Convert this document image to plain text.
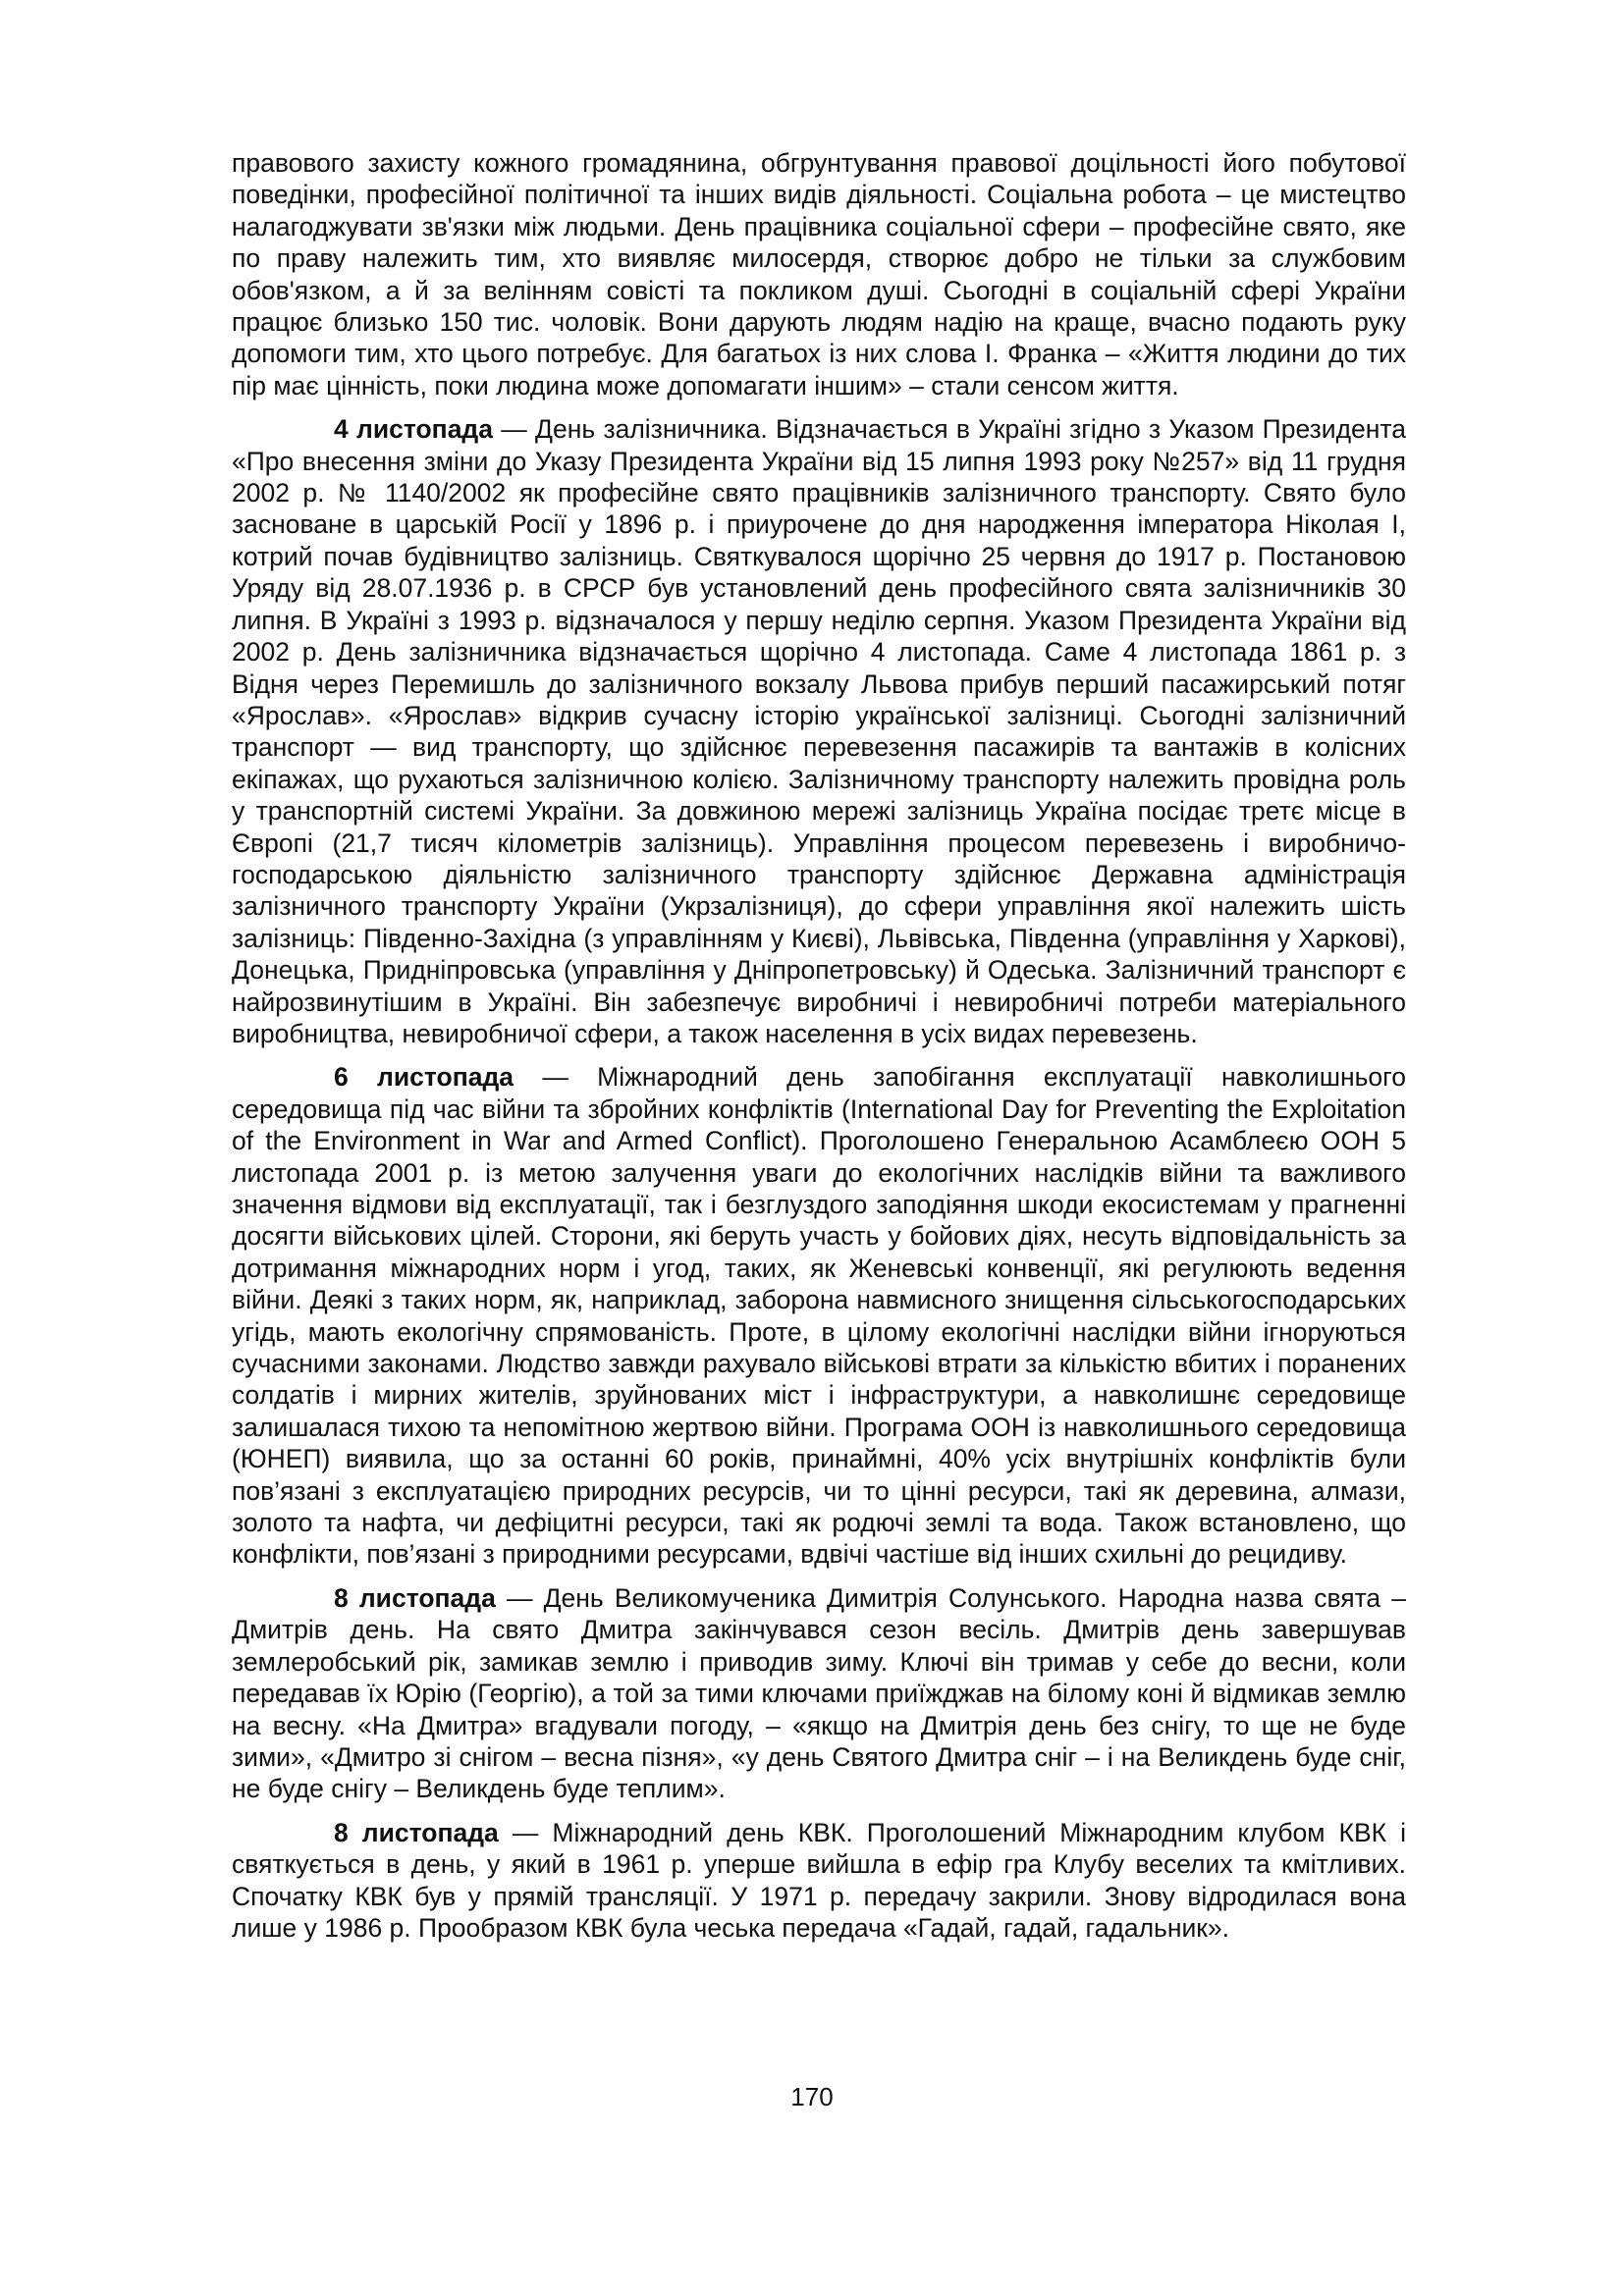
правового захисту кожного громадянина, обгрунтування правової доцільності його побутової поведінки, професійної політичної та інших видів діяльності. Соціальна робота – це мистецтво налагоджувати зв'язки між людьми. День працівника соціальної сфери – професійне свято, яке по праву належить тим, хто виявляє милосердя, створює добро не тільки за службовим обов'язком, а й за велінням совісті та покликом душі. Сьогодні в соціальній сфері України працює близько 150 тис. чоловік. Вони дарують людям надію на краще, вчасно подають руку допомоги тим, хто цього потребує. Для багатьох із них слова І. Франка – «Життя людини до тих пір має цінність, поки людина може допомагати іншим» – стали сенсом життя.

4 листопада — День залізничника. Відзначається в Україні згідно з Указом Президента «Про внесення зміни до Указу Президента України від 15 липня 1993 року №257» від 11 грудня 2002 р. № 1140/2002 як професійне свято працівників залізничного транспорту. Свято було засноване в царській Росії у 1896 р. і приурочене до дня народження імператора Ніколая І, котрий почав будівництво залізниць. Святкувалося щорічно 25 червня до 1917 р. Постановою Уряду від 28.07.1936 р. в СРСР був установлений день професійного свята залізничників 30 липня. В Україні з 1993 р. відзначалося у першу неділю серпня. Указом Президента України від 2002 р. День залізничника відзначається щорічно 4 листопада. Саме 4 листопада 1861 р. з Відня через Перемишль до залізничного вокзалу Львова прибув перший пасажирський потяг «Ярослав». «Ярослав» відкрив сучасну історію української залізниці. Сьогодні залізничний транспорт — вид транспорту, що здійснює перевезення пасажирів та вантажів в колісних екіпажах, що рухаються залізничною колією. Залізничному транспорту належить провідна роль у транспортній системі України. За довжиною мережі залізниць Україна посідає третє місце в Європі (21,7 тисяч кілометрів залізниць). Управління процесом перевезень і виробничо-господарською діяльністю залізничного транспорту здійснює Державна адміністрація залізничного транспорту України (Укрзалізниця), до сфери управління якої належить шість залізниць: Південно-Західна (з управлінням у Києві), Львівська, Південна (управління у Харкові), Донецька, Придніпровська (управління у Дніпропетровську) й Одеська. Залізничний транспорт є найрозвинутішим в Україні. Він забезпечує виробничі і невиробничі потреби матеріального виробництва, невиробничої сфери, а також населення в усіх видах перевезень.

6 листопада — Міжнародний день запобігання експлуатації навколишнього середовища під час війни та збройних конфліктів (International Day for Preventing the Exploitation of the Environment in War and Armed Conflict). Проголошено Генеральною Асамблеєю ООН 5 листопада 2001 р. із метою залучення уваги до екологічних наслідків війни та важливого значення відмови від експлуатації, так і безглуздого заподіяння шкоди екосистемам у прагненні досягти військових цілей. Сторони, які беруть участь у бойових діях, несуть відповідальність за дотримання міжнародних норм і угод, таких, як Женевські конвенції, які регулюють ведення війни. Деякі з таких норм, як, наприклад, заборона навмисного знищення сільськогосподарських угідь, мають екологічну спрямованість. Проте, в цілому екологічні наслідки війни ігноруються сучасними законами. Людство завжди рахувало військові втрати за кількістю вбитих і поранених солдатів і мирних жителів, зруйнованих міст і інфраструктури, а навколишнє середовище залишалася тихою та непомітною жертвою війни. Програма ООН із навколишнього середовища (ЮНЕП) виявила, що за останні 60 років, принаймні, 40% усіх внутрішніх конфліктів були пов’язані з експлуатацією природних ресурсів, чи то цінні ресурси, такі як деревина, алмази, золото та нафта, чи дефіцитні ресурси, такі як родючі землі та вода. Також встановлено, що конфлікти, пов’язані з природними ресурсами, вдвічі частіше від інших схильні до рецидиву.

8 листопада — День Великомученика Димитрія Солунського. Народна назва свята – Дмитрів день. На свято Дмитра закінчувався сезон весіль. Дмитрів день завершував землеробський рік, замикав землю і приводив зиму. Ключі він тримав у себе до весни, коли передавав їх Юрію (Георгію), а той за тими ключами приїжджав на білому коні й відмикав землю на весну. «На Дмитра» вгадували погоду, – «якщо на Дмитрія день без снігу, то ще не буде зими», «Дмитро зі снігом – весна пізня», «у день Святого Дмитра сніг – і на Великдень буде сніг, не буде снігу – Великдень буде теплим».

8 листопада — Міжнародний день КВК. Проголошений Міжнародним клубом КВК і святкується в день, у який в 1961 р. уперше вийшла в ефір гра Клубу веселих та кмітливих. Спочатку КВК був у прямій трансляції. У 1971 р. передачу закрили. Знову відродилася вона лише у 1986 р. Прообразом КВК була чеська передача «Гадай, гадай, гадальник».

170
